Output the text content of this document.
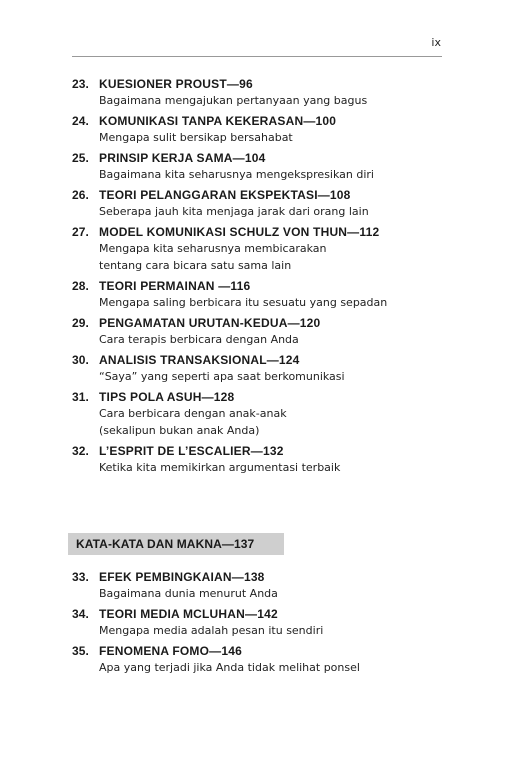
ix
23. KUESIONER PROUST—96
Bagaimana mengajukan pertanyaan yang bagus
24. KOMUNIKASI TANPA KEKERASAN—100
Mengapa sulit bersikap bersahabat
25. PRINSIP KERJA SAMA—104
Bagaimana kita seharusnya mengekspresikan diri
26. TEORI PELANGGARAN EKSPEKTASI—108
Seberapa jauh kita menjaga jarak dari orang lain
27. MODEL KOMUNIKASI SCHULZ VON THUN—112
Mengapa kita seharusnya membicarakan
tentang cara bicara satu sama lain
28. TEORI PERMAINAN —116
Mengapa saling berbicara itu sesuatu yang sepadan
29. PENGAMATAN URUTAN-KEDUA—120
Cara terapis berbicara dengan Anda
30. ANALISIS TRANSAKSIONAL—124
“Saya” yang seperti apa saat berkomunikasi
31. TIPS POLA ASUH—128
Cara berbicara dengan anak-anak
(sekalipun bukan anak Anda)
32. L’ESPRIT DE L’ESCALIER—132
Ketika kita memikirkan argumentasi terbaik
KATA-KATA DAN MAKNA—137
33. EFEK PEMBINGKAIAN—138
Bagaimana dunia menurut Anda
34. TEORI MEDIA MCLUHAN—142
Mengapa media adalah pesan itu sendiri
35. FENOMENA FOMO—146
Apa yang terjadi jika Anda tidak melihat ponsel
